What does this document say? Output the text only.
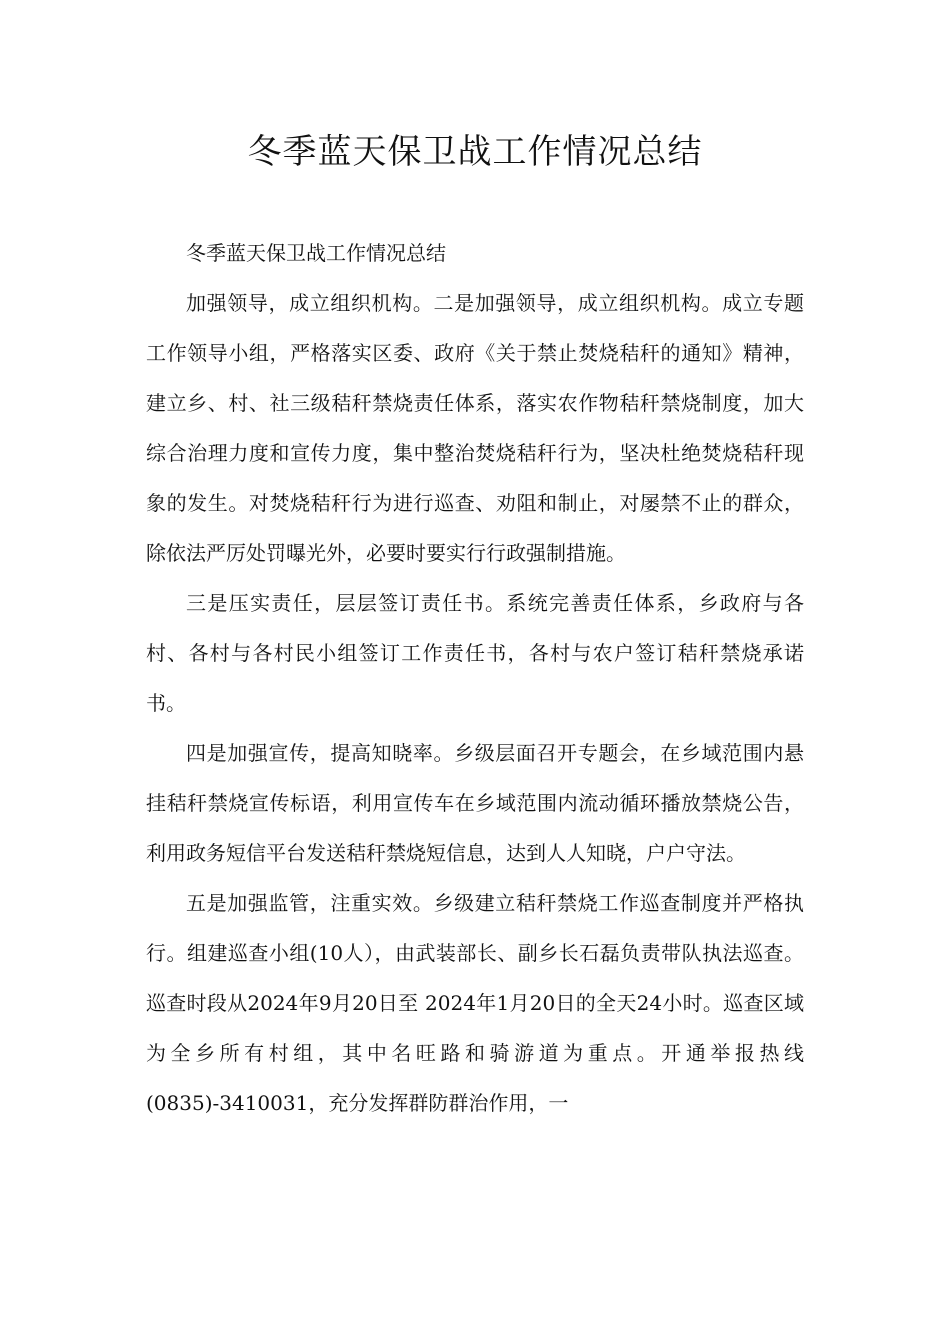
冬季蓝天保卫战工作情况总结

冬季蓝天保卫战工作情况总结

加强领导，成立组织机构。二是加强领导，成立组织机构。成立专题工作领导小组，严格落实区委、政府《关于禁止焚烧秸秆的通知》精神，建立乡、村、社三级秸秆禁烧责任体系，落实农作物秸秆禁烧制度，加大综合治理力度和宣传力度，集中整治焚烧秸秆行为，坚决杜绝焚烧秸秆现象的发生。对焚烧秸秆行为进行巡查、劝阻和制止，对屡禁不止的群众，除依法严厉处罚曝光外，必要时要实行行政强制措施。

三是压实责任，层层签订责任书。系统完善责任体系，乡政府与各村、各村与各村民小组签订工作责任书，各村与农户签订秸秆禁烧承诺书。

四是加强宣传，提高知晓率。乡级层面召开专题会，在乡域范围内悬挂秸秆禁烧宣传标语，利用宣传车在乡域范围内流动循环播放禁烧公告，利用政务短信平台发送秸秆禁烧短信息，达到人人知晓，户户守法。

五是加强监管，注重实效。乡级建立秸秆禁烧工作巡查制度并严格执行。组建巡查小组(10人），由武装部长、副乡长石磊负责带队执法巡查。巡查时段从2024年9月20日至 2024年1月20日的全天24小时。巡查区域为全乡所有村组，其中名旺路和骑游道为重点。开通举报热线(0835)-3410031，充分发挥群防群治作用，一
